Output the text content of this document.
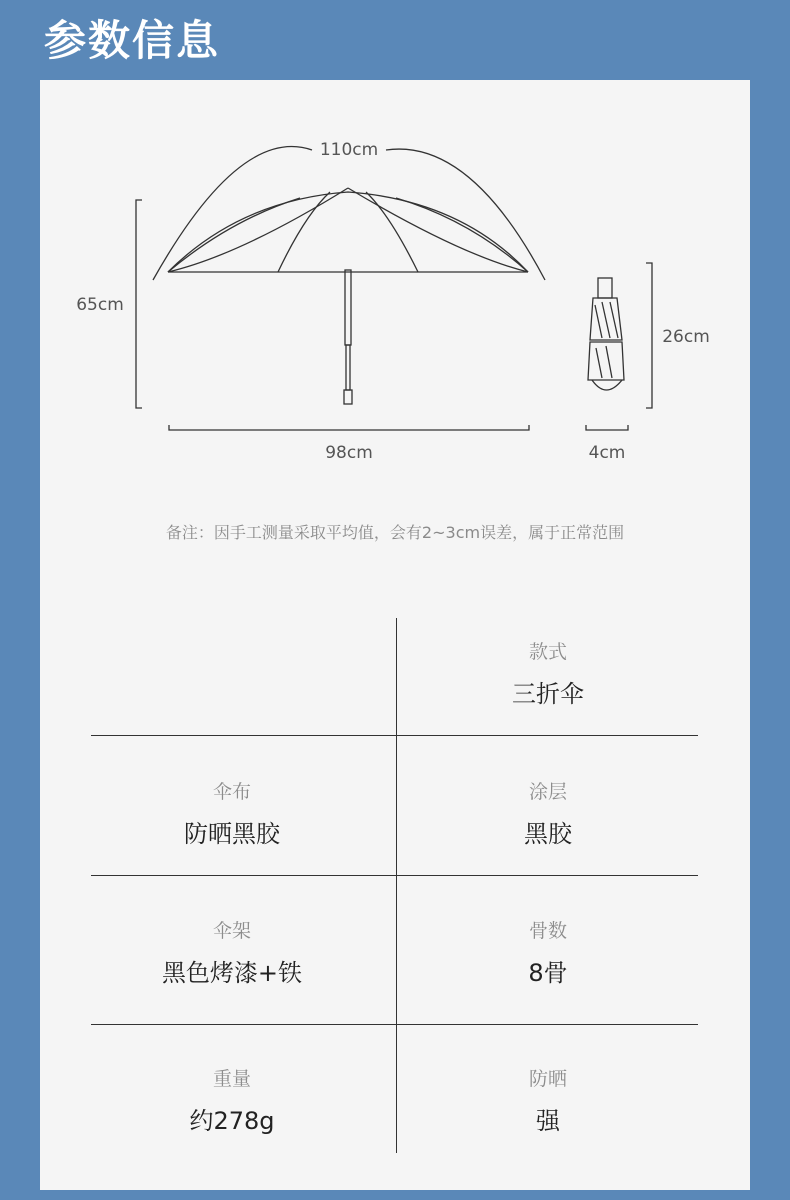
参数信息
110cm
65cm
98cm
26cm
4cm
备注：因手工测量采取平均值，会有2~3cm误差，属于正常范围
款式
三折伞
伞布
防晒黑胶
涂层
黑胶
伞架
黑色烤漆+铁
骨数
8骨
重量
约278g
防晒
强
